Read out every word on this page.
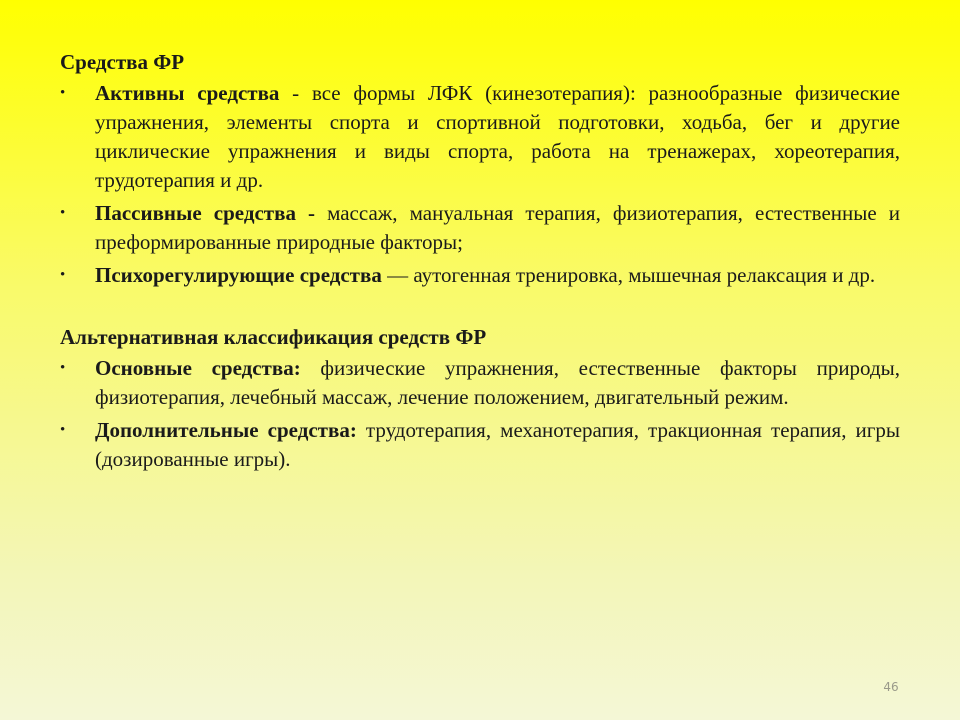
Средства ФР
•	Активны средства - все формы ЛФК (кинезотерапия): разнообразные физические упражнения, элементы спорта и спортивной подготовки, ходьба, бег и другие циклические упражнения и виды спорта, работа на тренажерах, хореотерапия, трудотерапия и др.
•	Пассивные средства - массаж, мануальная терапия, физиотерапия, естественные и преформированные природные факторы;
•	Психорегулирующие средства — аутогенная тренировка, мышечная релаксация и др.
Альтернативная классификация средств ФР
•	Основные средства: физические упражнения, естественные факторы природы, физиотерапия, лечебный массаж, лечение положением, двигательный режим.
•	Дополнительные средства: трудотерапия, механотерапия, тракционная терапия, игры (дозированные игры).
46
